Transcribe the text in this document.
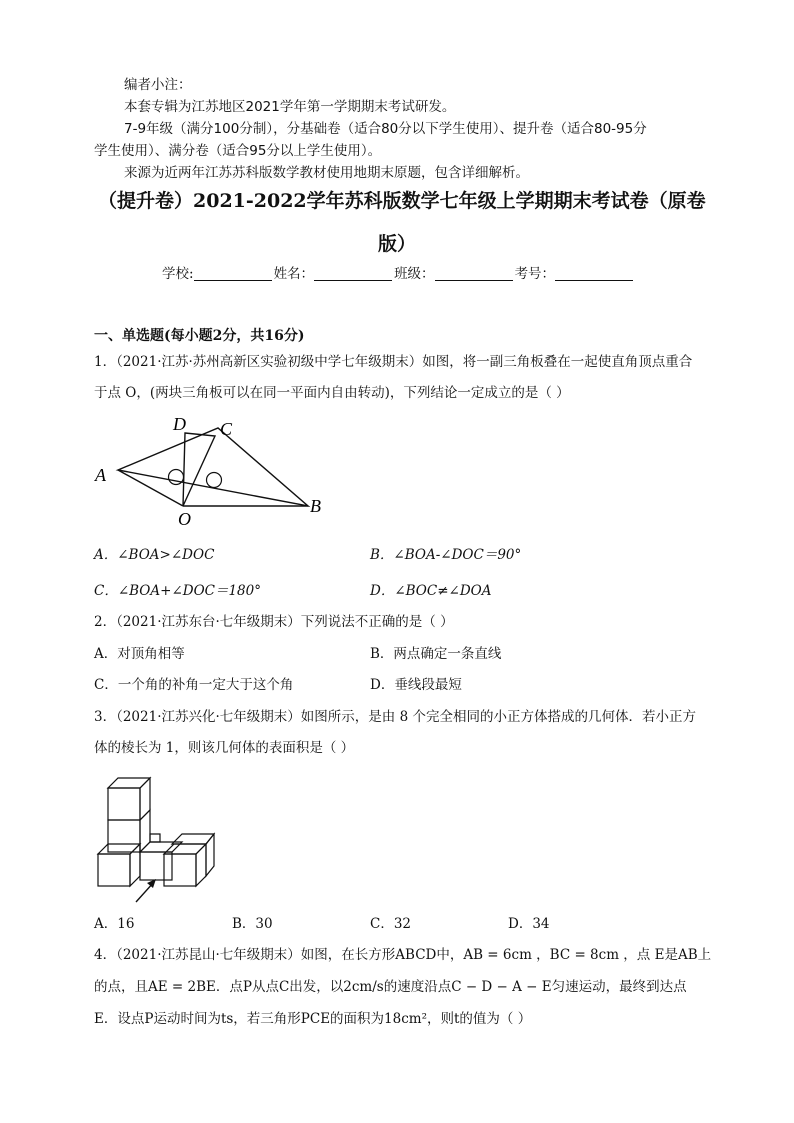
编者小注：
本套专辑为江苏地区2021学年第一学期期末考试研发。
7-9年级（满分100分制），分基础卷（适合80分以下学生使用）、提升卷（适合80-95分
学生使用）、满分卷（适合95分以上学生使用）。
来源为近两年江苏苏科版数学教材使用地期末原题，包含详细解析。
（提升卷）2021-2022学年苏科版数学七年级上学期期末考试卷（原卷
版）
学校:	姓名：	班级：	考号：
一、单选题(每小题2分，共16分)
1．（2021·江苏·苏州高新区实验初级中学七年级期末）如图，将一副三角板叠在一起使直角顶点重合
于点 O，(两块三角板可以在同一平面内自由转动)，下列结论一定成立的是（ ）
D C
A
O
B
A．∠BOA>∠DOC	B．∠BOA-∠DOC＝90°
C．∠BOA+∠DOC＝180°	D．∠BOC≠∠DOA
2．（2021·江苏东台·七年级期末）下列说法不正确的是（ ）
A．对顶角相等	B．两点确定一条直线
C．一个角的补角一定大于这个角	D．垂线段最短
3．（2021·江苏兴化·七年级期末）如图所示，是由 8 个完全相同的小正方体搭成的几何体．若小正方
体的棱长为 1，则该几何体的表面积是（ ）
A．16	B．30	C．32	D．34
4．（2021·江苏昆山·七年级期末）如图，在长方形ABCD中，AB = 6cm ，BC = 8cm ，点 E是AB上
的点，且AE = 2BE．点P从点C出发，以2cm/s的速度沿点C − D − A − E匀速运动，最终到达点
E．设点P运动时间为ts，若三角形PCE的面积为18cm²，则t的值为（ ）
